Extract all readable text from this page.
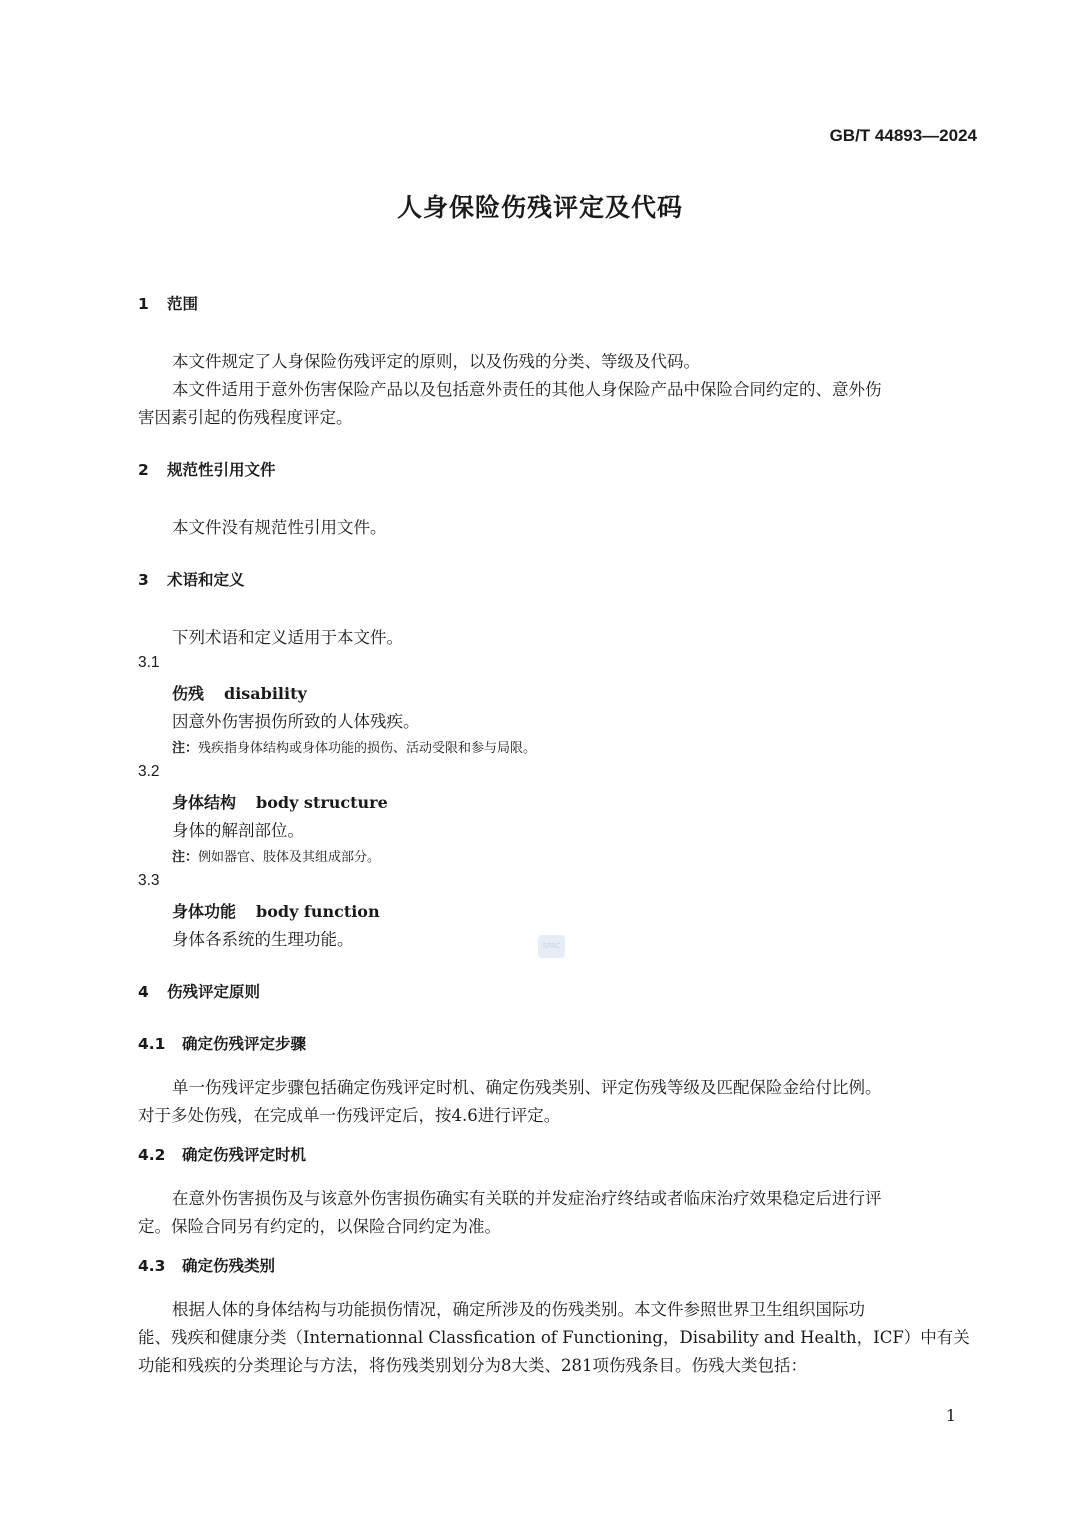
GB/T 44893—2024
人身保险伤残评定及代码
1 范围
本文件规定了人身保险伤残评定的原则，以及伤残的分类、等级及代码。
本文件适用于意外伤害保险产品以及包括意外责任的其他人身保险产品中保险合同约定的、意外伤
害因素引起的伤残程度评定。
2 规范性引用文件
本文件没有规范性引用文件。
3 术语和定义
下列术语和定义适用于本文件。
3.1
伤残 disability
因意外伤害损伤所致的人体残疾。
注：残疾指身体结构或身体功能的损伤、活动受限和参与局限。
3.2
身体结构 body structure
身体的解剖部位。
注：例如器官、肢体及其组成部分。
3.3
身体功能 body function
身体各系统的生理功能。	SPAC
4 伤残评定原则
4.1 确定伤残评定步骤
单一伤残评定步骤包括确定伤残评定时机、确定伤残类别、评定伤残等级及匹配保险金给付比例。
对于多处伤残，在完成单一伤残评定后，按4.6进行评定。
4.2 确定伤残评定时机
在意外伤害损伤及与该意外伤害损伤确实有关联的并发症治疗终结或者临床治疗效果稳定后进行评
定。保险合同另有约定的，以保险合同约定为准。
4.3 确定伤残类别
根据人体的身体结构与功能损伤情况，确定所涉及的伤残类别。本文件参照世界卫生组织国际功
能、残疾和健康分类（Internationnal Classfication of Functioning，Disability and Health，ICF）中有关
功能和残疾的分类理论与方法，将伤残类别划分为8大类、281项伤残条目。伤残大类包括：
1
